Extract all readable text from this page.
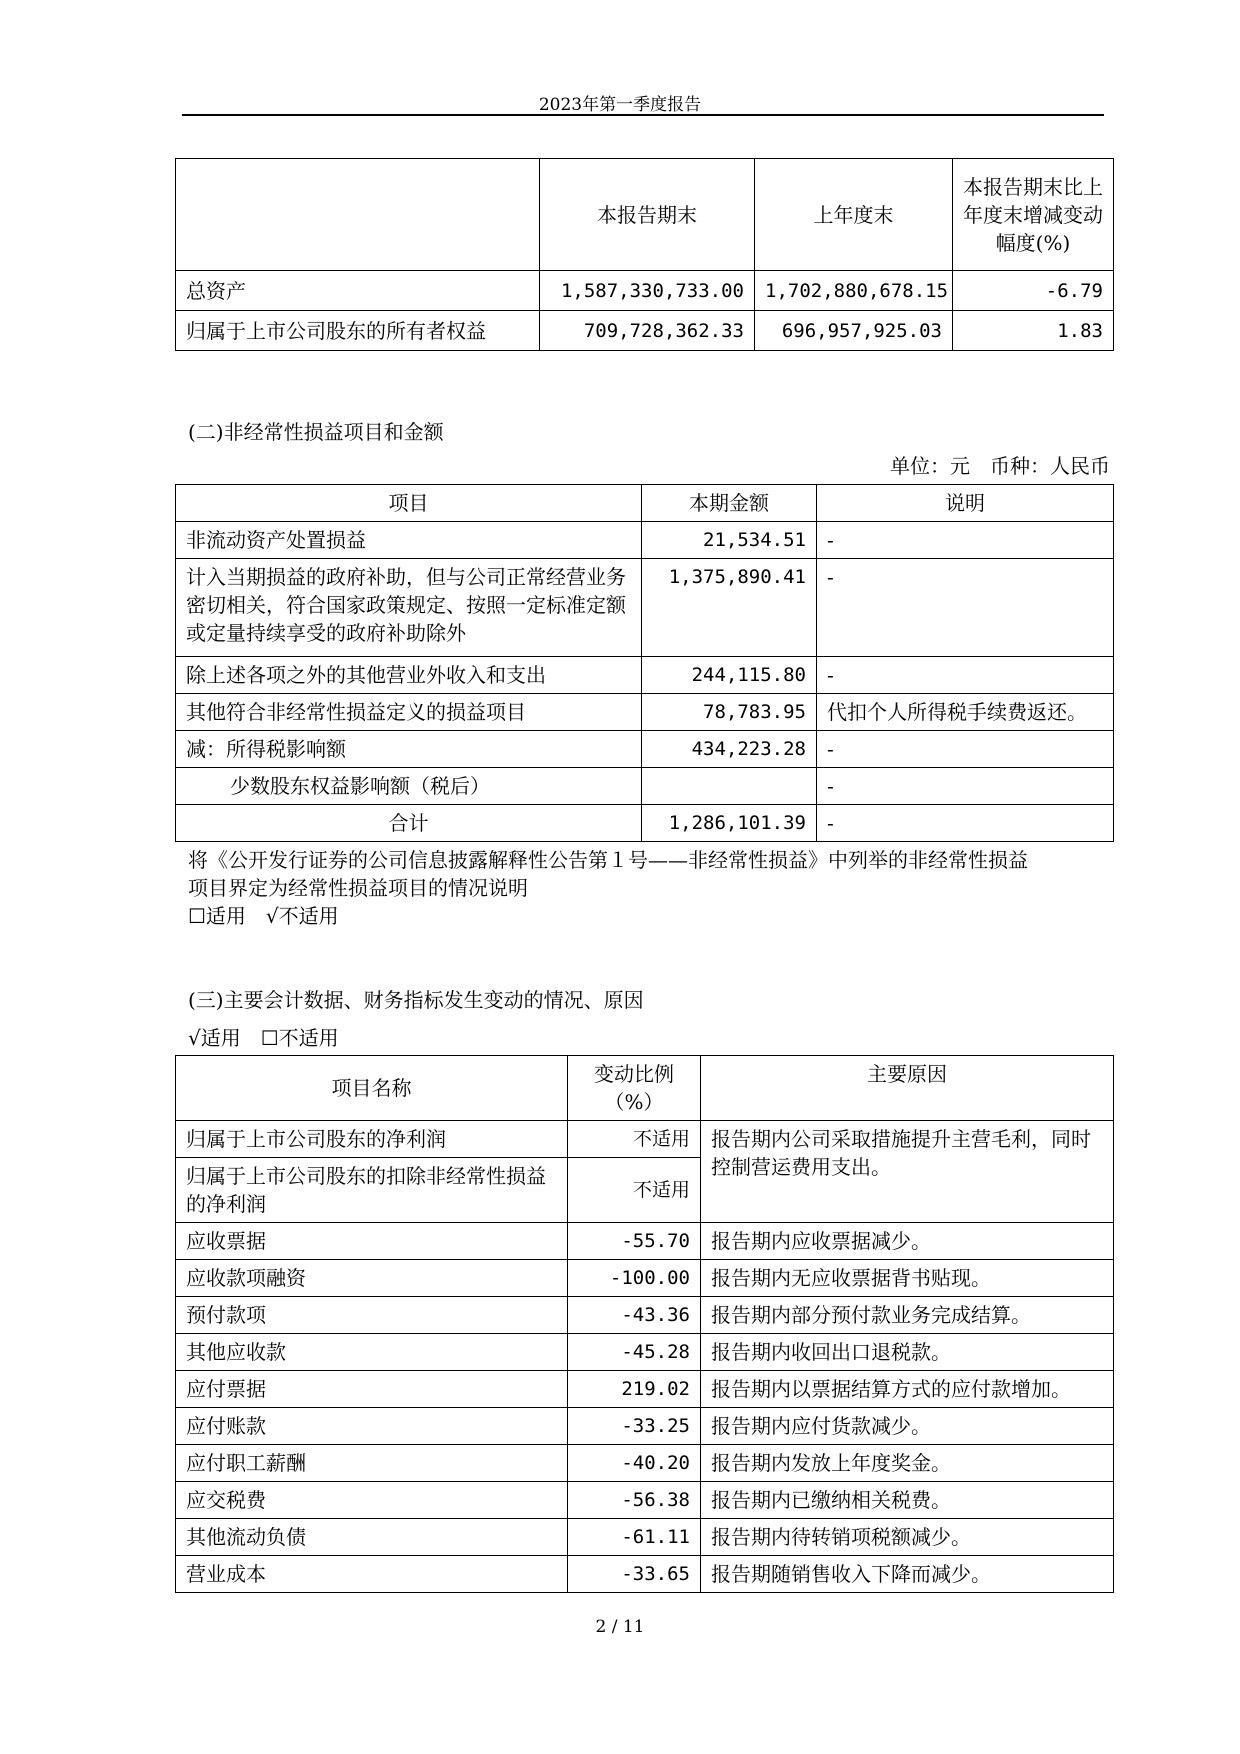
2023年第一季度报告
	本报告期末	上年度末	本报告期末比上年度末增减变动幅度(%)
总资产	1,587,330,733.00	1,702,880,678.15	-6.79
归属于上市公司股东的所有者权益	709,728,362.33	696,957,925.03	1.83
(二)非经常性损益项目和金额
单位：元　币种：人民币
项目	本期金额	说明
非流动资产处置损益	21,534.51	-
计入当期损益的政府补助，但与公司正常经营业务密切相关，符合国家政策规定、按照一定标准定额或定量持续享受的政府补助除外	1,375,890.41	-
除上述各项之外的其他营业外收入和支出	244,115.80	-
其他符合非经常性损益定义的损益项目	78,783.95	代扣个人所得税手续费返还。
减：所得税影响额	434,223.28	-
少数股东权益影响额（税后）		-
合计	1,286,101.39	-
将《公开发行证券的公司信息披露解释性公告第１号——非经常性损益》中列举的非经常性损益
项目界定为经常性损益项目的情况说明
☐适用　√不适用
(三)主要会计数据、财务指标发生变动的情况、原因
√适用　☐不适用
项目名称	变动比例（%）	主要原因
归属于上市公司股东的净利润	不适用	报告期内公司采取措施提升主营毛利，同时控制营运费用支出。
归属于上市公司股东的扣除非经常性损益的净利润	不适用	
应收票据	-55.70	报告期内应收票据减少。
应收款项融资	-100.00	报告期内无应收票据背书贴现。
预付款项	-43.36	报告期内部分预付款业务完成结算。
其他应收款	-45.28	报告期内收回出口退税款。
应付票据	219.02	报告期内以票据结算方式的应付款增加。
应付账款	-33.25	报告期内应付货款减少。
应付职工薪酬	-40.20	报告期内发放上年度奖金。
应交税费	-56.38	报告期内已缴纳相关税费。
其他流动负债	-61.11	报告期内待转销项税额减少。
营业成本	-33.65	报告期随销售收入下降而减少。
2 / 11
